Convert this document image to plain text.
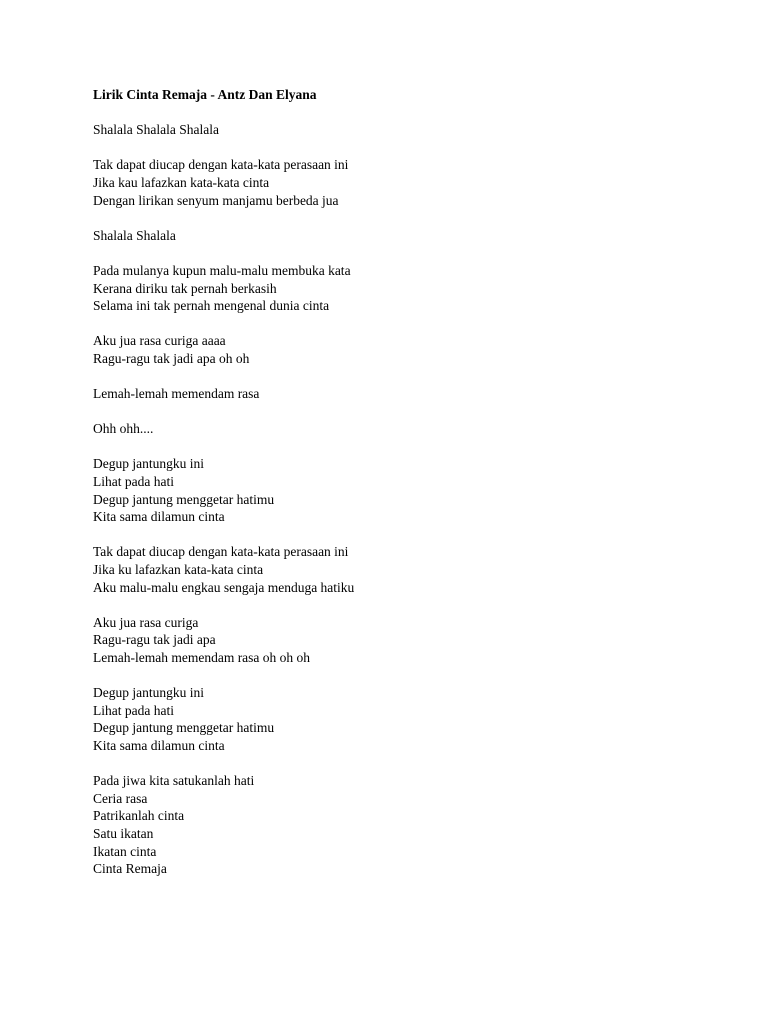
Lirik Cinta Remaja - Antz Dan Elyana
Shalala Shalala Shalala
Tak dapat diucap dengan kata-kata perasaan ini
Jika kau lafazkan kata-kata cinta
Dengan lirikan senyum manjamu berbeda jua
Shalala Shalala
Pada mulanya kupun malu-malu membuka kata
Kerana diriku tak pernah berkasih
Selama ini tak pernah mengenal dunia cinta
Aku jua rasa curiga aaaa
Ragu-ragu tak jadi apa oh oh
Lemah-lemah memendam rasa
Ohh ohh....
Degup jantungku ini
Lihat pada hati
Degup jantung menggetar hatimu
Kita sama dilamun cinta
Tak dapat diucap dengan kata-kata perasaan ini
Jika ku lafazkan kata-kata cinta
Aku malu-malu engkau sengaja menduga hatiku
Aku jua rasa curiga
Ragu-ragu tak jadi apa
Lemah-lemah memendam rasa oh oh oh
Degup jantungku ini
Lihat pada hati
Degup jantung menggetar hatimu
Kita sama dilamun cinta
Pada jiwa kita satukanlah hati
Ceria rasa
Patrikanlah cinta
Satu ikatan
Ikatan cinta
Cinta Remaja
